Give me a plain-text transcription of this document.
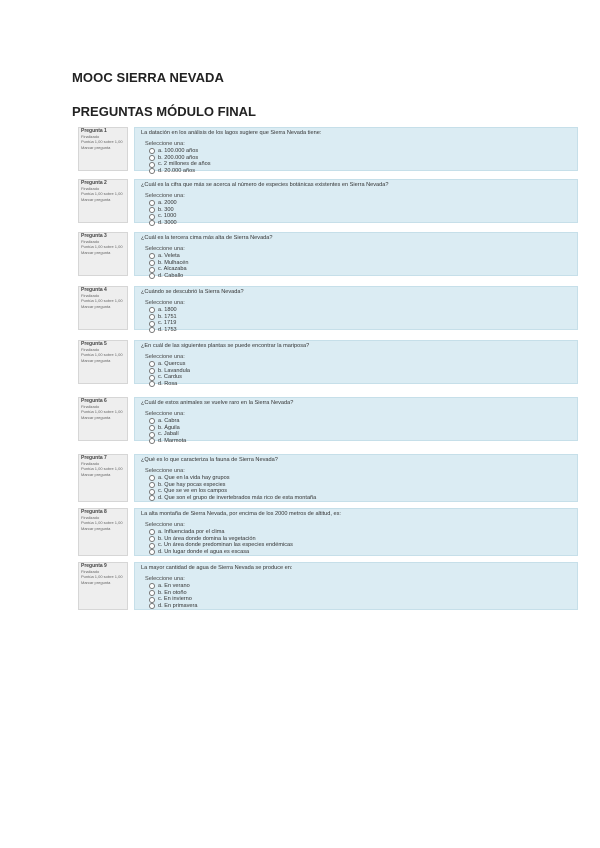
MOOC SIERRA NEVADA
PREGUNTAS MÓDULO FINAL
Pregunta 1
Finalizado
Puntúa 1,00 sobre 1,00
Marcar pregunta

La datación en los análisis de los lagos sugiere que Sierra Nevada tiene:

Seleccione una:
a. 100.000 años
b. 200.000 años
c. 2 millones de años
d. 20.000 años
Pregunta 2
Finalizado
Puntúa 1,00 sobre 1,00
Marcar pregunta

¿Cuál es la cifra que más se acerca al número de especies botánicas existentes en Sierra Nevada?

Seleccione una:
a. 2000
b. 300
c. 1000
d. 3000
Pregunta 3
Finalizado
Puntúa 1,00 sobre 1,00
Marcar pregunta

¿Cuál es la tercera cima más alta de Sierra Nevada?

Seleccione una:
a. Veleta
b. Mulhacén
c. Alcazaba
d. Caballo
Pregunta 4
Finalizado
Puntúa 1,00 sobre 1,00
Marcar pregunta

¿Cuándo se descubrió la Sierra Nevada?

Seleccione una:
a. 1800
b. 1751
c. 1719
d. 1753
Pregunta 5
Finalizado
Puntúa 1,00 sobre 1,00
Marcar pregunta

¿En cuál de las siguientes plantas se puede encontrar la mariposa?

Seleccione una:
a. Quercus
b. Lavandula
c. Cardus
d. Rosa
Pregunta 6
Finalizado
Puntúa 1,00 sobre 1,00
Marcar pregunta

¿Cuál de estos animales se vuelve raro en la Sierra Nevada?

Seleccione una:
a. Cabra
b. Águila
c. Jabalí
d. Marmota
Pregunta 7
Finalizado
Puntúa 1,00 sobre 1,00
Marcar pregunta

¿Qué es lo que caracteriza la fauna de Sierra Nevada?

Seleccione una:
a. Que en la vida hay grupos
b. Que hay pocas especies
c. Que se ve en los campos
d. Que son el grupo de invertebrados más rico de esta montaña
Pregunta 8
Finalizado
Puntúa 1,00 sobre 1,00
Marcar pregunta

La alta montaña de Sierra Nevada, por encima de los 2000 metros de altitud, es:

Seleccione una:
a. Influenciada por el clima
b. Un área donde domina la vegetación
c. Un área donde predominan las especies endémicas
d. Un lugar donde el agua es escasa
Pregunta 9
Finalizado
Puntúa 1,00 sobre 1,00
Marcar pregunta

La mayor cantidad de agua de Sierra Nevada se produce en:

Seleccione una:
a. En verano
b. En otoño
c. En invierno
d. En primavera
